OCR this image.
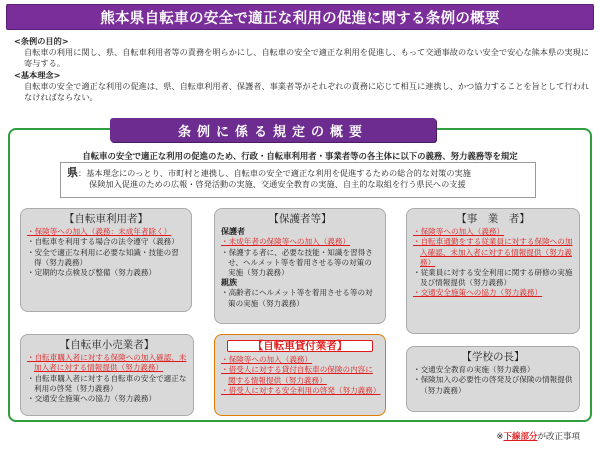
熊本県自転車の安全で適正な利用の促進に関する条例の概要
<条例の目的>
自転車の利用に関し、県、自転車利用者等の責務を明らかにし、自転車の安全で適正な利用を促進し、もって交通事故のない安全で安心な熊本県の実現に寄与する。
<基本理念>
自転車の安全で適正な利用の促進は、県、自転車利用者、保護者、事業者等がそれぞれの責務に応じて相互に連携し、かつ協力することを旨として行われなければならない。
条例に係る規定の概要
自転車の安全で適正な利用の促進のため、行政・自転車利用者・事業者等の各主体に以下の義務、努力義務等を規定
県：基本理念にのっとり、市町村と連携し、自転車の安全で適正な利用を促進するための総合的な対策の実施
保険加入促進のための広報・啓発活動の実施、交通安全教育の実施、自主的な取組を行う県民への支援
【自転車利用者】
・保険等への加入（義務：未成年者除く）
・自転車を利用する場合の法令遵守（義務）
・安全で適正な利用に必要な知識・技能の習得（努力義務）
・定期的な点検及び整備（努力義務）
【保護者等】
保護者
・未成年者の保険等への加入（義務）
・保護する者に、必要な技能・知識を習得させ、ヘルメット等を着用させる等の対策の実施（努力義務）
親族
・高齢者にヘルメット等を着用させる等の対策の実施（努力義務）
【事　業　者】
・保険等への加入（義務）
・自転車通勤をする従業員に対する保険への加入確認、未加入者に対する情報提供（努力義務）
・従業員に対する安全利用に関する研修の実施及び情報提供（努力義務）
・交通安全施策への協力（努力義務）
【自転車小売業者】
・自転車購入者に対する保険への加入確認、未加入者に対する情報提供（努力義務）
・自転車購入者に対する自転車の安全で適正な利用の啓発（努力義務）
・交通安全施策への協力（努力義務）
【自転車貸付業者】
・保険等への加入（義務）
・借受人に対する貸付自転車の保険の内容に関する情報提供（努力義務）
・借受人に対する安全利用の啓発（努力義務）
【学校の長】
・交通安全教育の実施（努力義務）
・保険加入の必要性の啓発及び保険の情報提供（努力義務）
※下線部分が改正事項
